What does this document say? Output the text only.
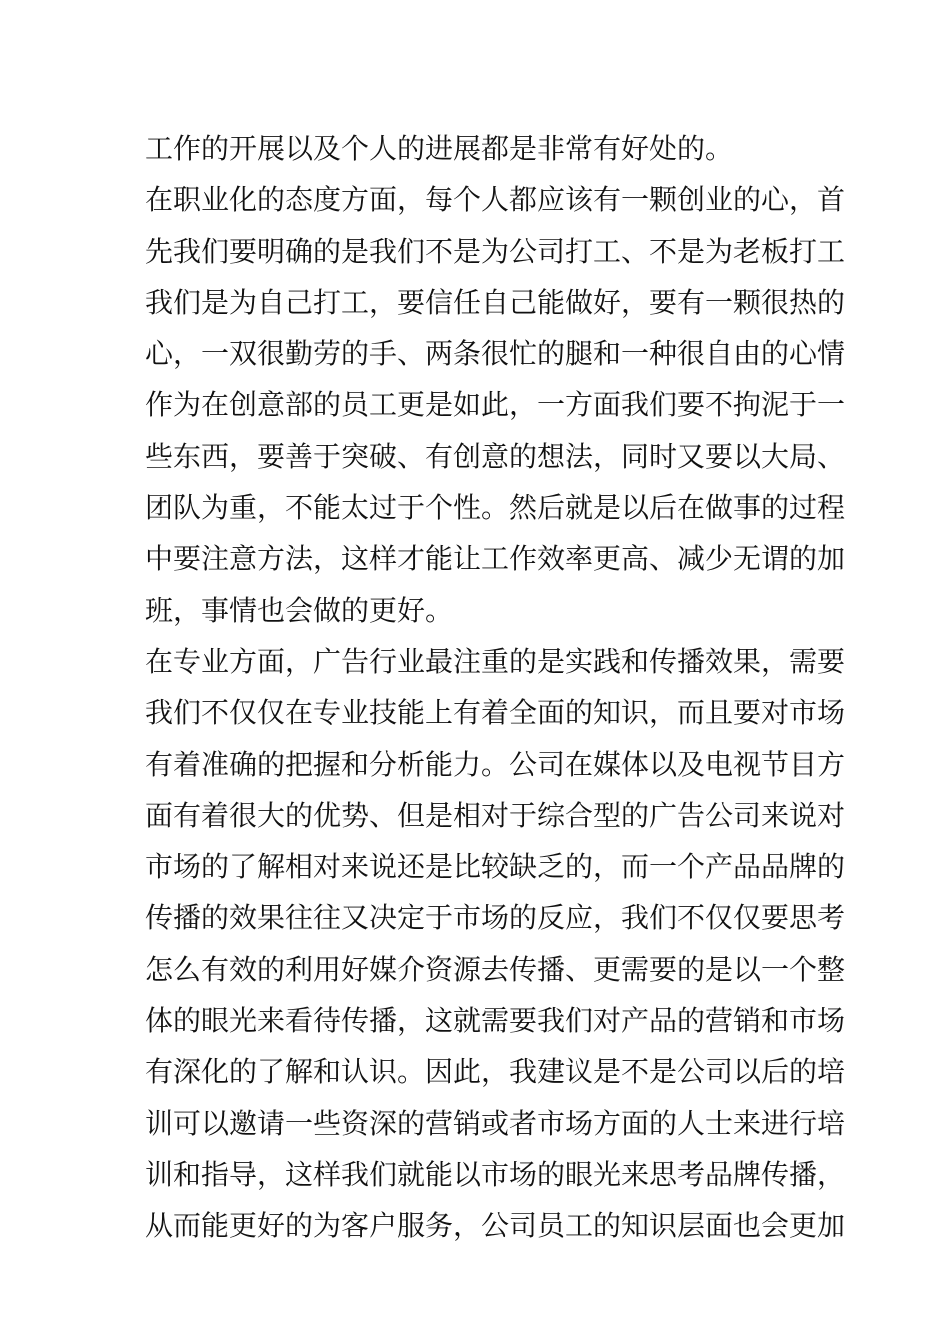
工作的开展以及个人的进展都是非常有好处的。
在职业化的态度方面，每个人都应该有一颗创业的心，首
先我们要明确的是我们不是为公司打工、不是为老板打工
我们是为自己打工，要信任自己能做好，要有一颗很热的
心，一双很勤劳的手、两条很忙的腿和一种很自由的心情
作为在创意部的员工更是如此，一方面我们要不拘泥于一
些东西，要善于突破、有创意的想法，同时又要以大局、
团队为重，不能太过于个性。然后就是以后在做事的过程
中要注意方法，这样才能让工作效率更高、减少无谓的加
班，事情也会做的更好。
在专业方面，广告行业最注重的是实践和传播效果，需要
我们不仅仅在专业技能上有着全面的知识，而且要对市场
有着准确的把握和分析能力。公司在媒体以及电视节目方
面有着很大的优势、但是相对于综合型的广告公司来说对
市场的了解相对来说还是比较缺乏的，而一个产品品牌的
传播的效果往往又决定于市场的反应，我们不仅仅要思考
怎么有效的利用好媒介资源去传播、更需要的是以一个整
体的眼光来看待传播，这就需要我们对产品的营销和市场
有深化的了解和认识。因此，我建议是不是公司以后的培
训可以邀请一些资深的营销或者市场方面的人士来进行培
训和指导，这样我们就能以市场的眼光来思考品牌传播，
从而能更好的为客户服务，公司员工的知识层面也会更加
